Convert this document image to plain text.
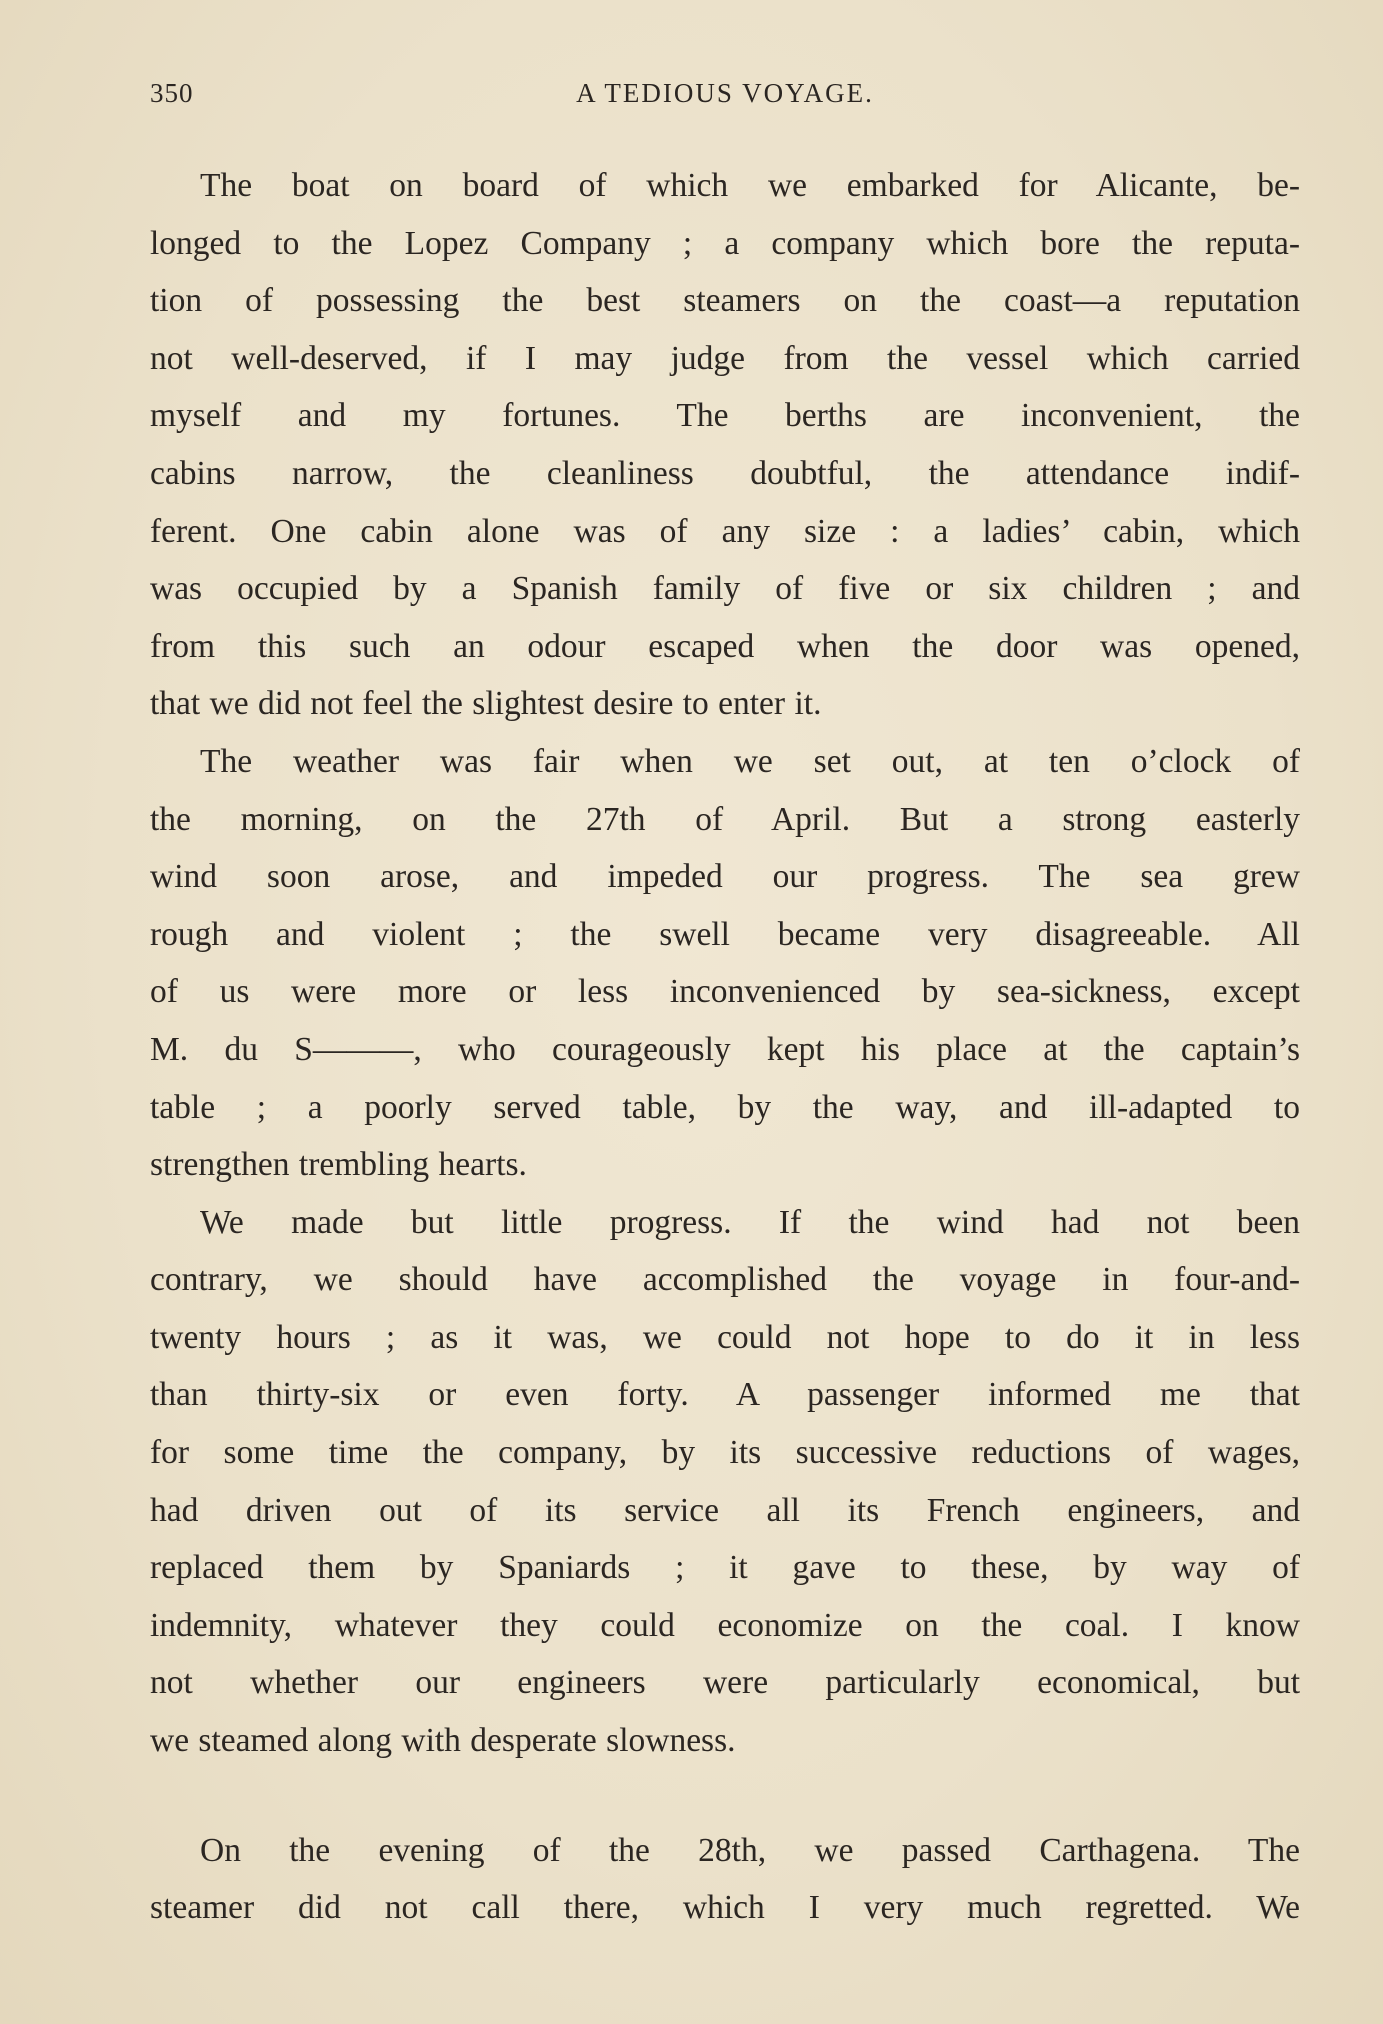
350	A TEDIOUS VOYAGE.
The boat on board of which we embarked for Alicante, be-
longed to the Lopez Company ; a company which bore the reputa-
tion of possessing the best steamers on the coast—a reputation
not well-deserved, if I may judge from the vessel which carried
myself and my fortunes. The berths are inconvenient, the
cabins narrow, the cleanliness doubtful, the attendance indif-
ferent. One cabin alone was of any size : a ladies’ cabin, which
was occupied by a Spanish family of five or six children ; and
from this such an odour escaped when the door was opened,
that we did not feel the slightest desire to enter it.
The weather was fair when we set out, at ten o’clock of
the morning, on the 27th of April. But a strong easterly
wind soon arose, and impeded our progress. The sea grew
rough and violent ; the swell became very disagreeable. All
of us were more or less inconvenienced by sea-sickness, except
M. du S———, who courageously kept his place at the captain’s
table ; a poorly served table, by the way, and ill-adapted to
strengthen trembling hearts.
We made but little progress. If the wind had not been
contrary, we should have accomplished the voyage in four-and-
twenty hours ; as it was, we could not hope to do it in less
than thirty-six or even forty. A passenger informed me that
for some time the company, by its successive reductions of wages,
had driven out of its service all its French engineers, and
replaced them by Spaniards ; it gave to these, by way of
indemnity, whatever they could economize on the coal. I know
not whether our engineers were particularly economical, but
we steamed along with desperate slowness.
On the evening of the 28th, we passed Carthagena. The
steamer did not call there, which I very much regretted. We
